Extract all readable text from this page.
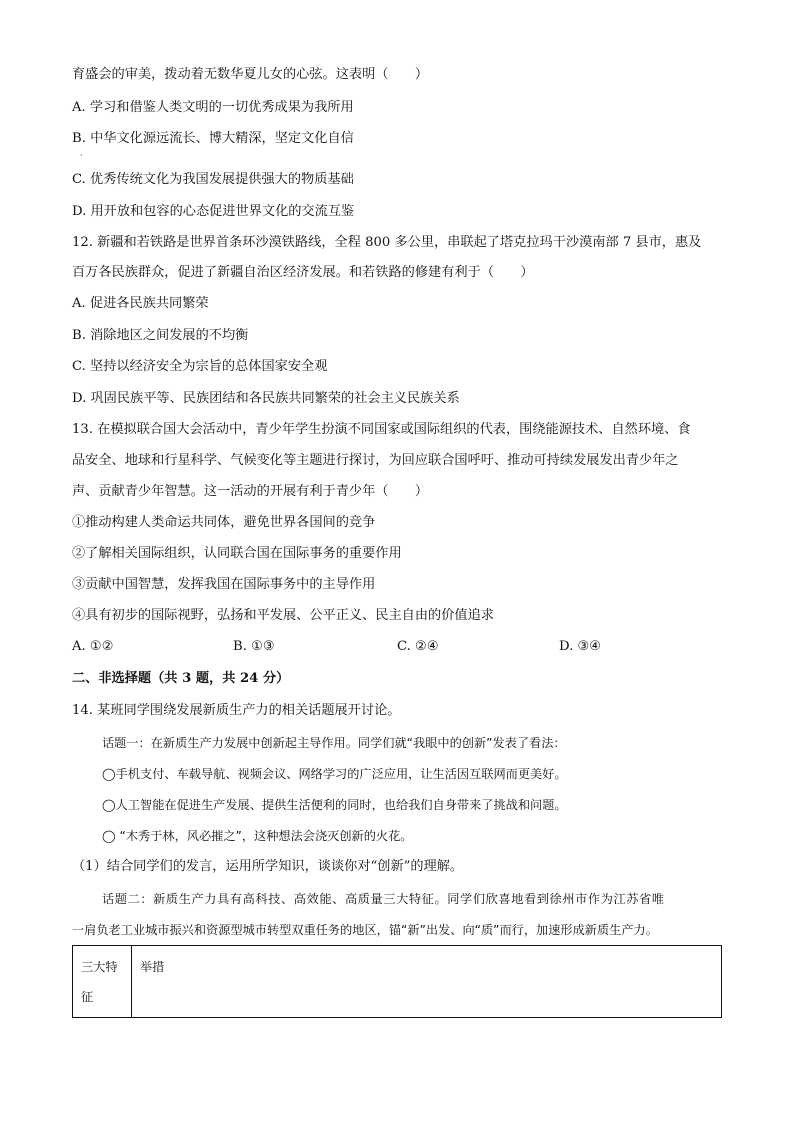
育盛会的审美，拨动着无数华夏儿女的心弦。这表明（　　）
A. 学习和借鉴人类文明的一切优秀成果为我所用
B. 中华文化源远流长、博大精深，坚定文化自信
·
C. 优秀传统文化为我国发展提供强大的物质基础
D. 用开放和包容的心态促进世界文化的交流互鉴
12. 新疆和若铁路是世界首条环沙漠铁路线，全程 800 多公里，串联起了塔克拉玛干沙漠南部 7 县市，惠及
百万各民族群众，促进了新疆自治区经济发展。和若铁路的修建有利于（　　）
A. 促进各民族共同繁荣
B. 消除地区之间发展的不均衡
C. 坚持以经济安全为宗旨的总体国家安全观
D. 巩固民族平等、民族团结和各民族共同繁荣的社会主义民族关系
13. 在模拟联合国大会活动中，青少年学生扮演不同国家或国际组织的代表，围绕能源技术、自然环境、食
品安全、地球和行星科学、气候变化等主题进行探讨，为回应联合国呼吁、推动可持续发展发出青少年之
声、贡献青少年智慧。这一活动的开展有利于青少年（　　）
①推动构建人类命运共同体，避免世界各国间的竞争
②了解相关国际组织，认同联合国在国际事务的重要作用
③贡献中国智慧，发挥我国在国际事务中的主导作用
④具有初步的国际视野，弘扬和平发展、公平正义、民主自由的价值追求
A. ①②	B. ①③	C. ②④	D. ③④
二、非选择题（共 3 题，共 24 分）
14. 某班同学围绕发展新质生产力的相关话题展开讨论。
话题一：在新质生产力发展中创新起主导作用。同学们就“我眼中的创新”发表了看法：
◯手机支付、车载导航、视频会议、网络学习的广泛应用，让生活因互联网而更美好。
◯人工智能在促进生产发展、提供生活便利的同时，也给我们自身带来了挑战和问题。
◯ “木秀于林，风必摧之”，这种想法会浇灭创新的火花。
（1）结合同学们的发言，运用所学知识，谈谈你对“创新”的理解。
话题二：新质生产力具有高科技、高效能、高质量三大特征。同学们欣喜地看到徐州市作为江苏省唯
一肩负老工业城市振兴和资源型城市转型双重任务的地区，锚“新”出发、向“质”而行，加速形成新质生产力。
三大特征	举措
